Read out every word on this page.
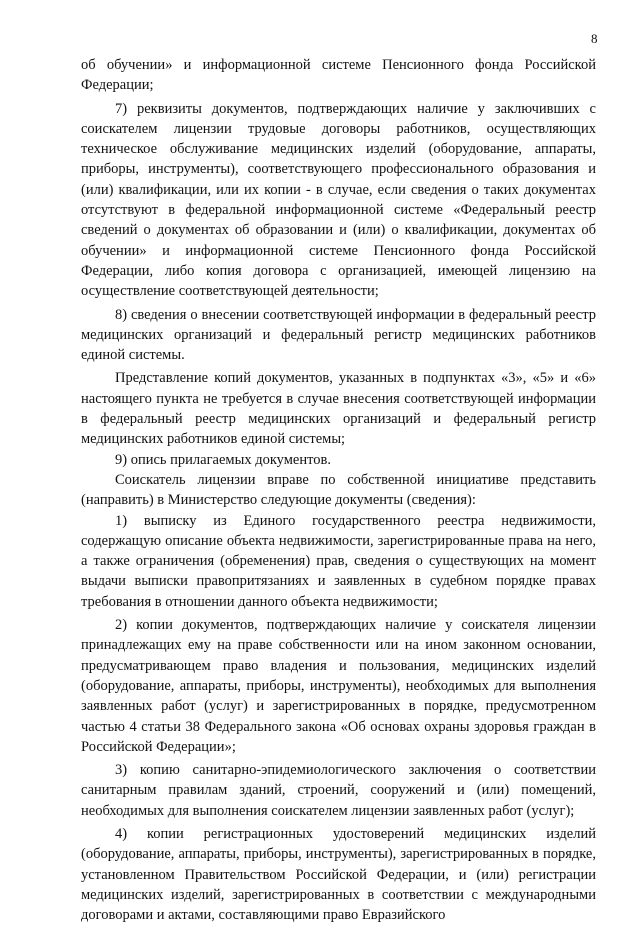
8

об обучении» и информационной системе Пенсионного фонда Российской Федерации;

7) реквизиты документов, подтверждающих наличие у заключивших с соискателем лицензии трудовые договоры работников, осуществляющих техническое обслуживание медицинских изделий (оборудование, аппараты, приборы, инструменты), соответствующего профессионального образования и (или) квалификации, или их копии - в случае, если сведения о таких документах отсутствуют в федеральной информационной системе «Федеральный реестр сведений о документах об образовании и (или) о квалификации, документах об обучении» и информационной системе Пенсионного фонда Российской Федерации, либо копия договора с организацией, имеющей лицензию на осуществление соответствующей деятельности;

8) сведения о внесении соответствующей информации в федеральный реестр медицинских организаций и федеральный регистр медицинских работников единой системы.

Представление копий документов, указанных в подпунктах «3», «5» и «6» настоящего пункта не требуется в случае внесения соответствующей информации в федеральный реестр медицинских организаций и федеральный регистр медицинских работников единой системы;

9) опись прилагаемых документов.

Соискатель лицензии вправе по собственной инициативе представить (направить) в Министерство следующие документы (сведения):

1) выписку из Единого государственного реестра недвижимости, содержащую описание объекта недвижимости, зарегистрированные права на него, а также ограничения (обременения) прав, сведения о существующих на момент выдачи выписки правопритязаниях и заявленных в судебном порядке правах требования в отношении данного объекта недвижимости;

2) копии документов, подтверждающих наличие у соискателя лицензии принадлежащих ему на праве собственности или на ином законном основании, предусматривающем право владения и пользования, медицинских изделий (оборудование, аппараты, приборы, инструменты), необходимых для выполнения заявленных работ (услуг) и зарегистрированных в порядке, предусмотренном частью 4 статьи 38 Федерального закона «Об основах охраны здоровья граждан в Российской Федерации»;

3) копию санитарно-эпидемиологического заключения о соответствии санитарным правилам зданий, строений, сооружений и (или) помещений, необходимых для выполнения соискателем лицензии заявленных работ (услуг);

4) копии регистрационных удостоверений медицинских изделий (оборудование, аппараты, приборы, инструменты), зарегистрированных в порядке, установленном Правительством Российской Федерации, и (или) регистрации медицинских изделий, зарегистрированных в соответствии с международными договорами и актами, составляющими право Евразийского
